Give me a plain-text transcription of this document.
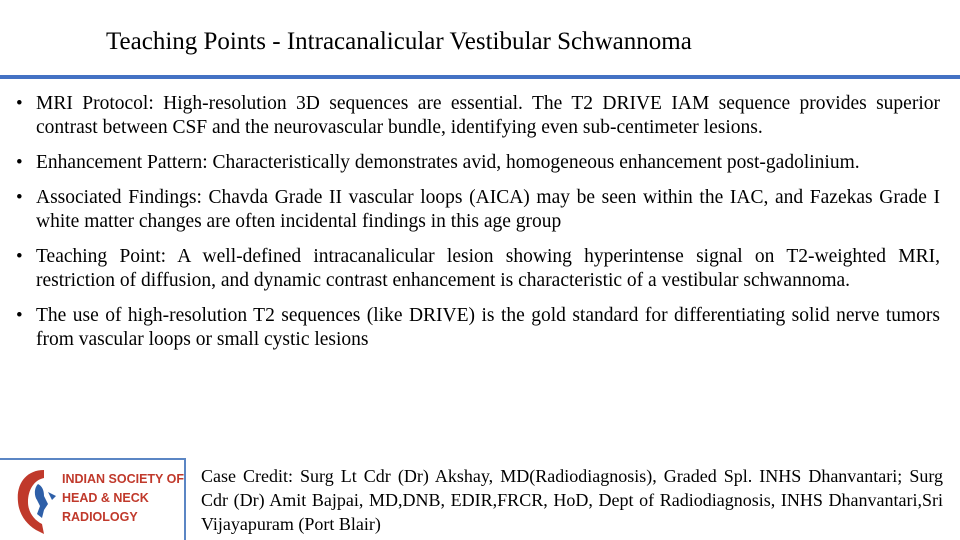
Teaching Points - Intracanalicular Vestibular Schwannoma
• MRI Protocol: High-resolution 3D sequences are essential. The T2 DRIVE IAM sequence provides superior contrast between CSF and the neurovascular bundle, identifying even sub-centimeter lesions.
• Enhancement Pattern: Characteristically demonstrates avid, homogeneous enhancement post-gadolinium.
• Associated Findings: Chavda Grade II vascular loops (AICA) may be seen within the IAC, and Fazekas Grade I white matter changes are often incidental findings in this age group
• Teaching Point: A well-defined intracanalicular lesion showing hyperintense signal on T2-weighted MRI, restriction of diffusion, and dynamic contrast enhancement is characteristic of a vestibular schwannoma.
• The use of high-resolution T2 sequences (like DRIVE) is the gold standard for differentiating solid nerve tumors from vascular loops or small cystic lesions
INDIAN SOCIETY OF
HEAD & NECK
RADIOLOGY
Case Credit: Surg Lt Cdr (Dr) Akshay, MD(Radiodiagnosis), Graded Spl. INHS Dhanvantari; Surg Cdr (Dr) Amit Bajpai, MD,DNB, EDIR,FRCR, HoD, Dept of Radiodiagnosis, INHS Dhanvantari,Sri Vijayapuram (Port Blair)
